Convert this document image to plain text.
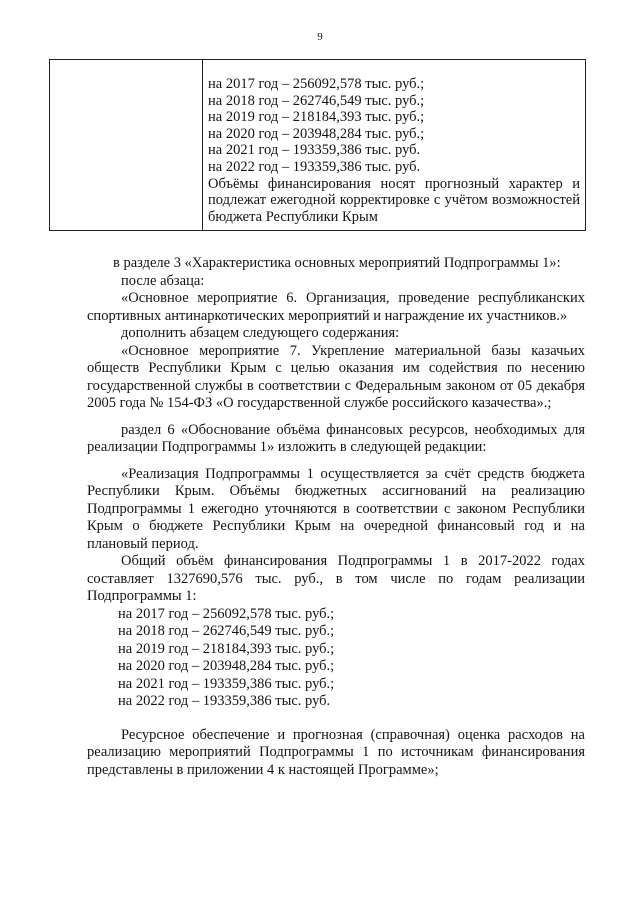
9
на 2017 год – 256092,578 тыс. руб.;
на 2018 год – 262746,549 тыс. руб.;
на 2019 год – 218184,393 тыс. руб.;
на 2020 год – 203948,284 тыс. руб.;
на 2021 год – 193359,386 тыс. руб.
на 2022 год – 193359,386 тыс. руб.

Объёмы финансирования носят прогнозный характер и подлежат ежегодной корректировке с учётом возможностей бюджета Республики Крым

в разделе 3 «Характеристика основных мероприятий Подпрограммы 1»:

после абзаца:

«Основное мероприятие 6. Организация, проведение республиканских спортивных антинаркотических мероприятий и награждение их участников.»

дополнить абзацем следующего содержания:

«Основное мероприятие 7. Укрепление материальной базы казачьих обществ Республики Крым с целью оказания им содействия по несению государственной службы в соответствии с Федеральным законом от 05 декабря 2005 года № 154-ФЗ «О государственной службе российского казачества».;

раздел 6 «Обоснование объёма финансовых ресурсов, необходимых для реализации Подпрограммы 1» изложить в следующей редакции:

«Реализация Подпрограммы 1 осуществляется за счёт средств бюджета Республики Крым. Объёмы бюджетных ассигнований на реализацию Подпрограммы 1 ежегодно уточняются в соответствии с законом Республики Крым о бюджете Республики Крым на очередной финансовый год и на плановый период.

Общий объём финансирования Подпрограммы 1 в 2017-2022 годах составляет 1327690,576 тыс. руб., в том числе по годам реализации Подпрограммы 1:

на 2017 год – 256092,578 тыс. руб.;
на 2018 год – 262746,549 тыс. руб.;
на 2019 год – 218184,393 тыс. руб.;
на 2020 год – 203948,284 тыс. руб.;
на 2021 год – 193359,386 тыс. руб.;
на 2022 год – 193359,386 тыс. руб.

Ресурсное обеспечение и прогнозная (справочная) оценка расходов на реализацию мероприятий Подпрограммы 1 по источникам финансирования представлены в приложении 4 к настоящей Программе»;
